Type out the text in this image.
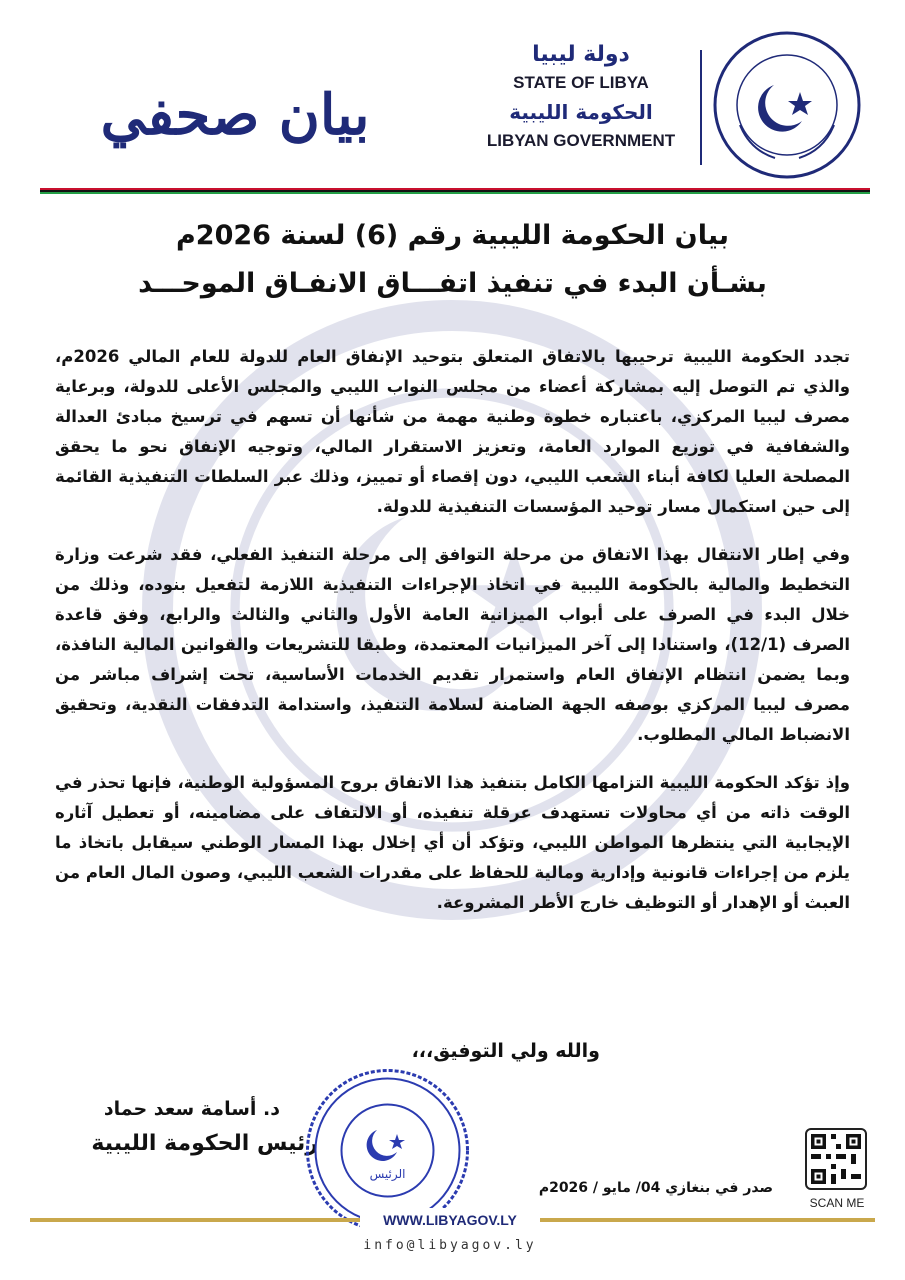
دولة ليبيا
STATE OF LIBYA
الحكومة الليبية
LIBYAN GOVERNMENT
بيان صحفي
بيان الحكومة الليبية رقم (6) لسنة 2026م
بشـأن البدء في تنفيذ اتفـــاق الانفـاق الموحـــد

تجدد الحكومة الليبية ترحيبها بالاتفاق المتعلق بتوحيد الإنفاق العام للدولة للعام المالي 2026م، والذي تم التوصل إليه بمشاركة أعضاء من مجلس النواب الليبي والمجلس الأعلى للدولة، وبرعاية مصرف ليبيا المركزي، باعتباره خطوة وطنية مهمة من شأنها أن تسهم في ترسيخ مبادئ العدالة والشفافية في توزيع الموارد العامة، وتعزيز الاستقرار المالي، وتوجيه الإنفاق نحو ما يحقق المصلحة العليا لكافة أبناء الشعب الليبي، دون إقصاء أو تمييز، وذلك عبر السلطات التنفيذية القائمة إلى حين استكمال مسار توحيد المؤسسات التنفيذية للدولة.

وفي إطار الانتقال بهذا الاتفاق من مرحلة التوافق إلى مرحلة التنفيذ الفعلي، فقد شرعت وزارة التخطيط والمالية بالحكومة الليبية في اتخاذ الإجراءات التنفيذية اللازمة لتفعيل بنوده، وذلك من خلال البدء في الصرف على أبواب الميزانية العامة الأول والثاني والثالث والرابع، وفق قاعدة الصرف (12/1)، واستنادا إلى آخر الميزانيات المعتمدة، وطبقا للتشريعات والقوانين المالية النافذة، وبما يضمن انتظام الإنفاق العام واستمرار تقديم الخدمات الأساسية، تحت إشراف مباشر من مصرف ليبيا المركزي بوصفه الجهة الضامنة لسلامة التنفيذ، واستدامة التدفقات النقدية، وتحقيق الانضباط المالي المطلوب.

وإذ تؤكد الحكومة الليبية التزامها الكامل بتنفيذ هذا الاتفاق بروح المسؤولية الوطنية، فإنها تحذر في الوقت ذاته من أي محاولات تستهدف عرقلة تنفيذه، أو الالتفاف على مضامينه، أو تعطيل آثاره الإيجابية التي ينتظرها المواطن الليبي، وتؤكد أن أي إخلال بهذا المسار الوطني سيقابل باتخاذ ما يلزم من إجراءات قانونية وإدارية ومالية للحفاظ على مقدرات الشعب الليبي، وصون المال العام من العبث أو الإهدار أو التوظيف خارج الأطر المشروعة.

والله ولي التوفيق،،،
د. أسامة سعد حماد
رئيس الحكومة الليبية
الرئيس
صدر في بنغازي 04/ مايو / 2026م
SCAN ME
WWW.LIBYAGOV.LY
info@libyagov.ly
